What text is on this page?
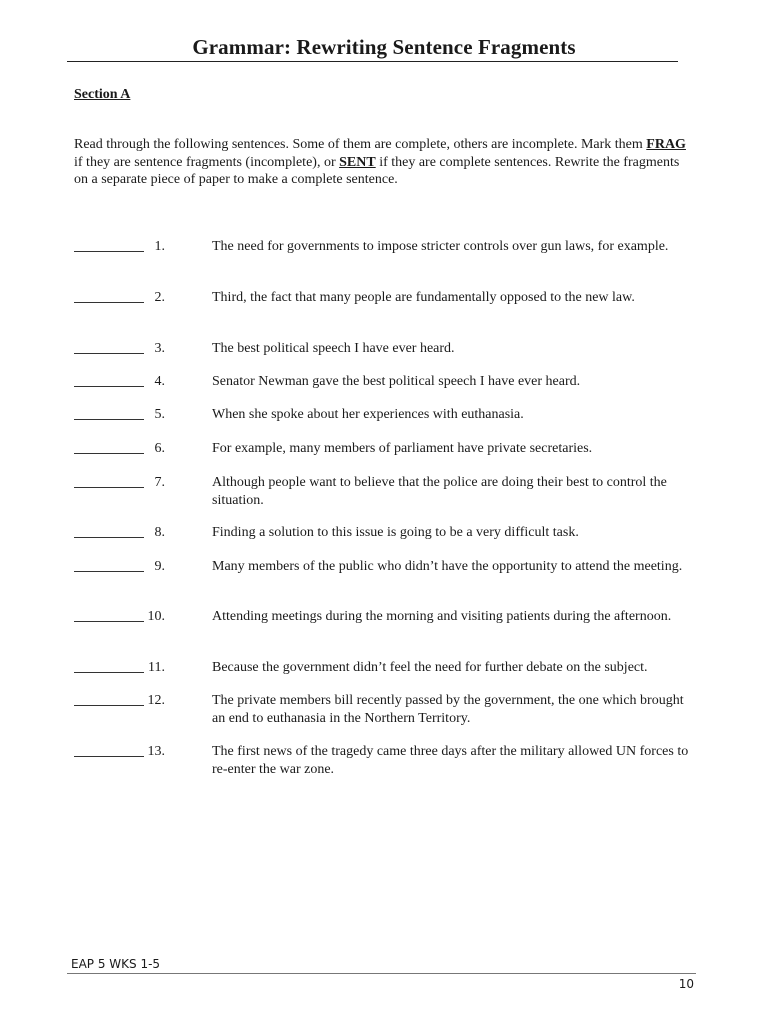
Grammar: Rewriting Sentence Fragments
Section A
Read through the following sentences. Some of them are complete, others are incomplete. Mark them FRAG if they are sentence fragments (incomplete), or SENT if they are complete sentences. Rewrite the fragments on a separate piece of paper to make a complete sentence.
1.	The need for governments to impose stricter controls over gun laws, for example.
2.	Third, the fact that many people are fundamentally opposed to the new law.
3.	The best political speech I have ever heard.
4.	Senator Newman gave the best political speech I have ever heard.
5.	When she spoke about her experiences with euthanasia.
6.	For example, many members of parliament have private secretaries.
7.	Although people want to believe that the police are doing their best to control the situation.
8.	Finding a solution to this issue is going to be a very difficult task.
9.	Many members of the public who didn’t have the opportunity to attend the meeting.
10.	Attending meetings during the morning and visiting patients during the afternoon.
11.	Because the government didn’t feel the need for further debate on the subject.
12.	The private members bill recently passed by the government, the one which brought an end to euthanasia in the Northern Territory.
13.	The first news of the tragedy came three days after the military allowed UN forces to re-enter the war zone.
EAP 5 WKS 1-5
10
